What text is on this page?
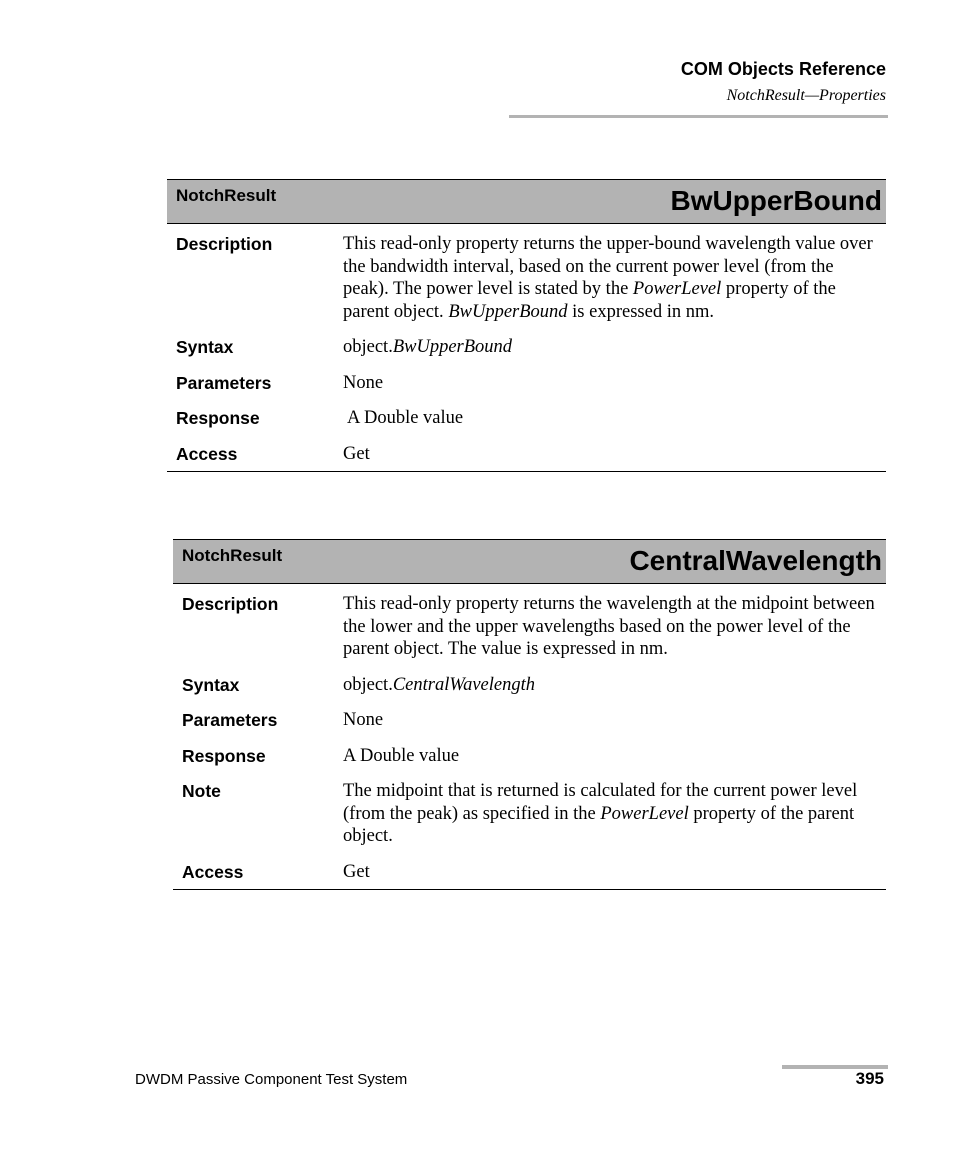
COM Objects Reference
NotchResult—Properties
NotchResult	BwUpperBound
Description	This read-only property returns the upper-bound wavelength value over the bandwidth interval, based on the current power level (from the peak). The power level is stated by the PowerLevel property of the parent object. BwUpperBound is expressed in nm.
Syntax	object.BwUpperBound
Parameters	None
Response	A Double value
Access	Get
NotchResult	CentralWavelength
Description	This read-only property returns the wavelength at the midpoint between the lower and the upper wavelengths based on the power level of the parent object. The value is expressed in nm.
Syntax	object.CentralWavelength
Parameters	None
Response	A Double value
Note	The midpoint that is returned is calculated for the current power level (from the peak) as specified in the PowerLevel property of the parent object.
Access	Get
DWDM Passive Component Test System	395
